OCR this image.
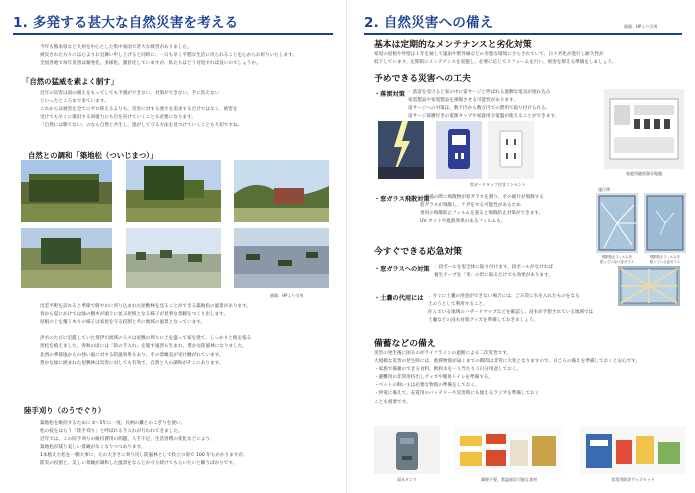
1. 多発する甚大な自然災害を考える
今年も熊本県など九州を中心とした集中豪雨で甚大な被害がありました。
被災された方々には心よりお見舞い申し上げると同時に、一日も早く平穏な生活に戻られることを心からお祈りいたします。
全国各地で毎年災害は頻発化、多様化、激甚化していますが、私たちはどう対処すれば良いのでしょうか。
「自然の猛威を素よく制す」
近年の災害は国の備えをもってしても予測ができない、対策ができない、手に負えない
といったところまで来ています。
これからは被害を全てにゼロ抑えるよりも、災害に対する強さを追求するだけではなく、被害を
受けても早くに復旧する回復力にも目を向けていくことも必要になります。
「自然には勝てない」のなら自然と共生し、逃がして守る方法を見つけていくことも大切ですね。
自然との調和「築地松（ついじまつ）」
画像：HPより引用
出雲平野を訪れると季節で鮮やかに刈り込まれた屋敷林を見ることができる築地松の風景があります。
春から夏にかけては緑の樹木が頭上に並ぶ屋根となる様子が見事な景観をつくり出します。
屋根の上を覆う木々の様子は家屋を守る役割と共に地域の風景となっています。

洪水のたびに氾濫していた斐伊川流域の人々は屋敷の周りに土を盛って家を建て、しっかりと根を張る
黒松を植えました。春秋の頃には「陰の手入れ」を施す風習も生まれ、豊かな防風林になりました。
北西の季節風からの強い風に対する防風効果もあり、その景観美が受け継がれています。
豊かな緑に囲まれた屋敷林は災害に対しても有効で、自然と人の調和がそこにあります。
陸手刈り（のうでぐり）
築地松を維持するために 4～5年に一度、長柄の鎌とのこぎりを使い、
松の枝をはらう「陸手刈り」と呼ばれる手入れが行われてきました。
近年では、この陸手刈りの維持費用の問題、人手不足、生活習慣の変化などにより、
築地松が減り美しい景観がなくなりつつあります。
1本植えた松を一樹大事に、元の大きさに刈り戻し防風林として役立つ姿で 100 年もかかりますが、
防災の役割と、美しい景観が調和した風景をなんとか守り続けてもらいたいと願うばかりです。
2. 自然災害への備え	画像：HPより引用
基本は定期的なメンテナンスと劣化対策
家屋の屋根や外壁は１年を通して風雨や紫外線などの劣悪な環境にさらされていて、日々劣化が進行し耐久性が
低下しています。定期的にメンテナンスを実施し、必要に応じてリフォームを行い、被害を抑える準備をしましょう。
予めできる災害への工夫
・落雷対策 ：落雷を受けると家の中に雷サージと呼ばれる過剰な電気が流れ込み
家電製品や家電製品を損傷させる可能性があります。
雷サージへの対策は、数千円から数万円での費用で取り付けられる、
雷サージ保護付きの電源タップや家庭用分電盤が使えることができます。
雷ガードタップ付きコンセント
家庭用避雷器分電盤
・窓ガラス飛散対策
：強風の際に飛散物が窓ガラスを割り、その破片が飛散する
窓ガラスが飛散し、ケガをする可能性があるため
専用の飛散防止フィルムを張ると飛散防止対策ができます。
UV カットや遮熱効果のあるフィルムも。
施行例
飛散防止フィルムを
貼っていない窓ガラス
飛散防止フィルムを
貼っている窓ガラス
今すぐできる応急対策
・窓ガラスへの対策 ：段ボールを窓全体に貼り付けます。段ボールがなければ
養生テープを「米」の形に貼るだけでも効果があります。
・土嚢の代用には ：すぐに土嚢の用意ができない場合には、ごみ袋に水を入れたものをなる
土のうとして利用すること。
住んでいる地域のハザードマップなどを確認し、浸水が予想されている地域では
土嚢などの浸水対策グッズを準備しておきましょう。
備蓄などの備え
災害の発生後に困るのがライフラインの遮断による二次災害です。
大規模な災害の発生時には、救援物資が届くまでの期間は非常に大変となりますので、日ごろの備えを準備しておくと安心です。
・家族で備蓄のできる食料、飲料水を一人当たり３日分用意しておく。
・避難用の非常用持出しグッズや簡易トイレを準備する。
・ペットの飼い主は必要な物資の準備をしておく。
・停電に備えて、充電用のバッテリーや災害時にも使えるラジオを準備しておく
ことも重要です。
雨水タンク	調理不要、常温保存可能な食材	非常用防災グッズセット
